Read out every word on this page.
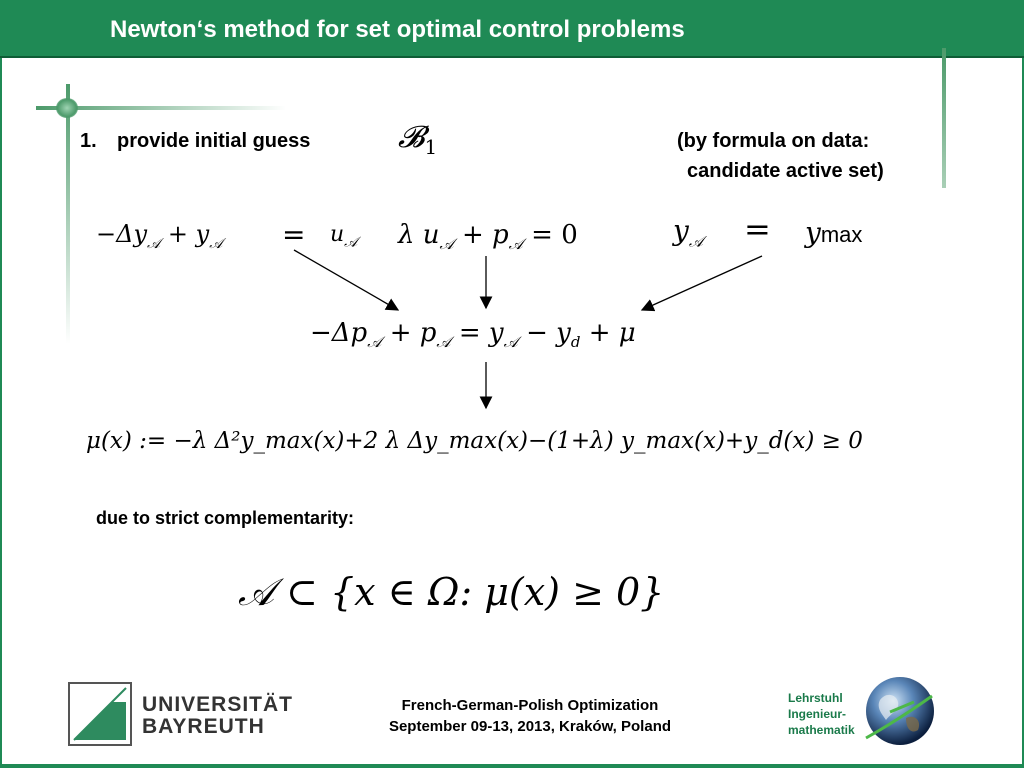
Newton‘s method for set optimal control problems
1. provide initial guess	𝓑$_1$	(by formula on data:
candidate active set)
$-\Delta y_𝒜 + y_𝒜 = u_𝒜$ λ $u_𝒜 + p_𝒜 = 0$	$y_𝒜 = ymax$
$-\Delta p_𝒜 + p_𝒜 = y_𝒜 - y_d + \mu$
μ(x) := −λ Δ²y_max(x)+2 λ Δy_max(x)−(1+λ) y_max(x)+y_d(x) ≥ 0
due to strict complementarity:
𝒜 ⊂ {x ∈ Ω: μ(x) ≥ 0}
UNIVERSITÄT
BAYREUTH
French-German-Polish Optimization
September 09-13, 2013, Kraków, Poland
Lehrstuhl
Ingenieur-
mathematik
